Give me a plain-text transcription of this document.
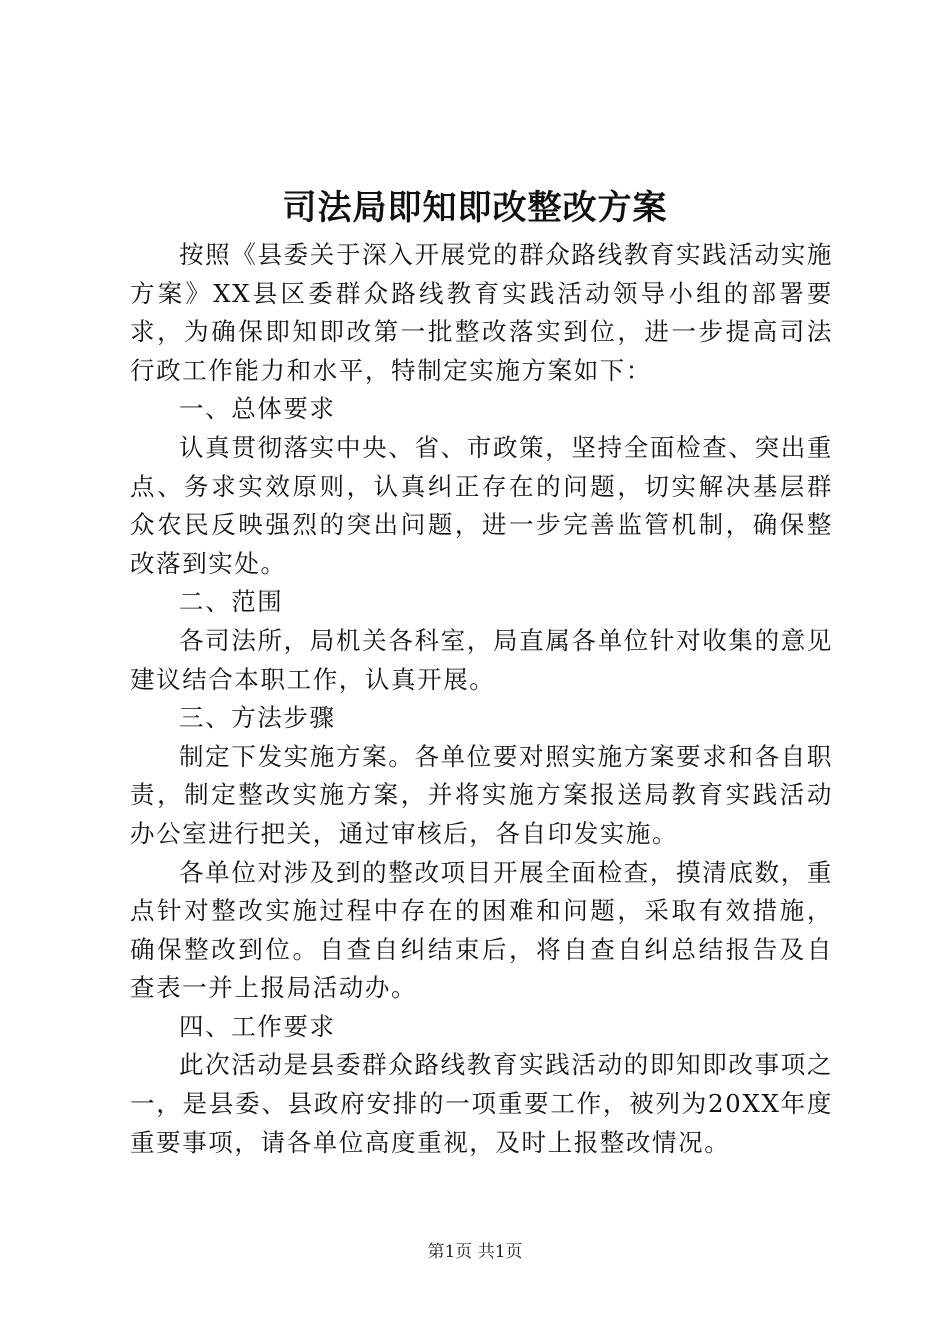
司法局即知即改整改方案

按照《县委关于深入开展党的群众路线教育实践活动实施方案》XX县区委群众路线教育实践活动领导小组的部署要求，为确保即知即改第一批整改落实到位，进一步提高司法行政工作能力和水平，特制定实施方案如下：

一、总体要求

认真贯彻落实中央、省、市政策，坚持全面检查、突出重点、务求实效原则，认真纠正存在的问题，切实解决基层群众农民反映强烈的突出问题，进一步完善监管机制，确保整改落到实处。

二、范围

各司法所，局机关各科室，局直属各单位针对收集的意见建议结合本职工作，认真开展。

三、方法步骤

制定下发实施方案。各单位要对照实施方案要求和各自职责，制定整改实施方案，并将实施方案报送局教育实践活动办公室进行把关，通过审核后，各自印发实施。

各单位对涉及到的整改项目开展全面检查，摸清底数，重点针对整改实施过程中存在的困难和问题，采取有效措施，确保整改到位。自查自纠结束后，将自查自纠总结报告及自查表一并上报局活动办。

四、工作要求

此次活动是县委群众路线教育实践活动的即知即改事项之一，是县委、县政府安排的一项重要工作，被列为20XX年度重要事项，请各单位高度重视，及时上报整改情况。

第1页 共1页
